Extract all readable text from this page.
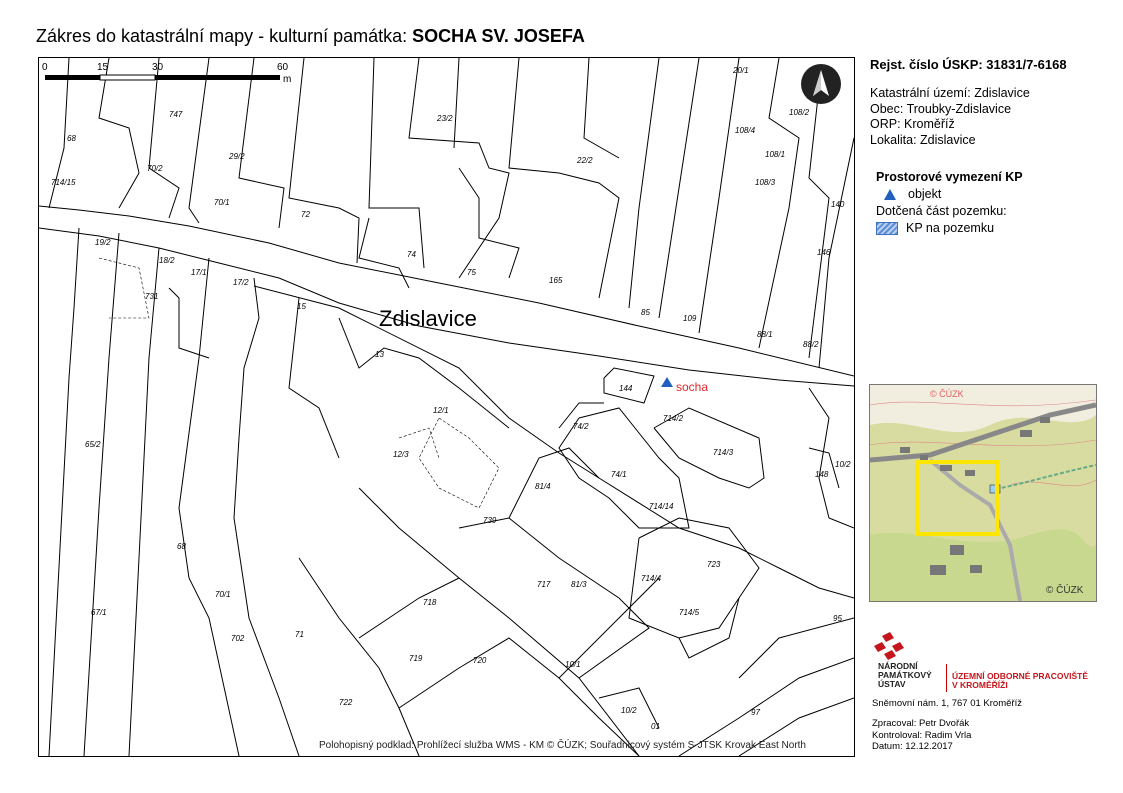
Zákres do katastrální mapy - kulturní památka: SOCHA SV. JOSEFA
Zdislavice
socha
747
68
70/2
29/2
714/15
70/1
72
23/2
22/2
74
75
165
19/2
18/2
17/1
17/2
731
15
13
12/1
12/3
65/2
68
70/1
67/1
702	71
718
722
719	720
739
81/4
717	81/3
74/2
74/1
144
714/2
714/3
714/14
714/4
714/5
723
10/1
10/2
85
109
88/1
88/2
20/1
108/4
108/2
108/1
108/3
140
146
148
10/2
95
97
01
Polohopisný podklad: Prohlížecí služba WMS - KM © ČÚZK; Souřadnicový systém S-JTSK Krovak East North
0	15	30	60
m
Rejst. číslo ÚSKP: 31831/7-6168
Katastrální území: Zdislavice
Obec: Troubky-Zdislavice
ORP: Kroměříž
Lokalita: Zdislavice
Prostorové vymezení KP
objekt
Dotčená část pozemku:
KP na pozemku
© ČÚZK
© ČÚZK
NÁRODNÍ
PAMÁTKOVÝ
ÚSTAV
ÚZEMNÍ ODBORNÉ PRACOVIŠTĚ
V KROMĚŘÍŽI
Sněmovní nám. 1, 767 01 Kroměříž
Zpracoval: Petr Dvořák
Kontroloval: Radim Vrla
Datum: 12.12.2017
